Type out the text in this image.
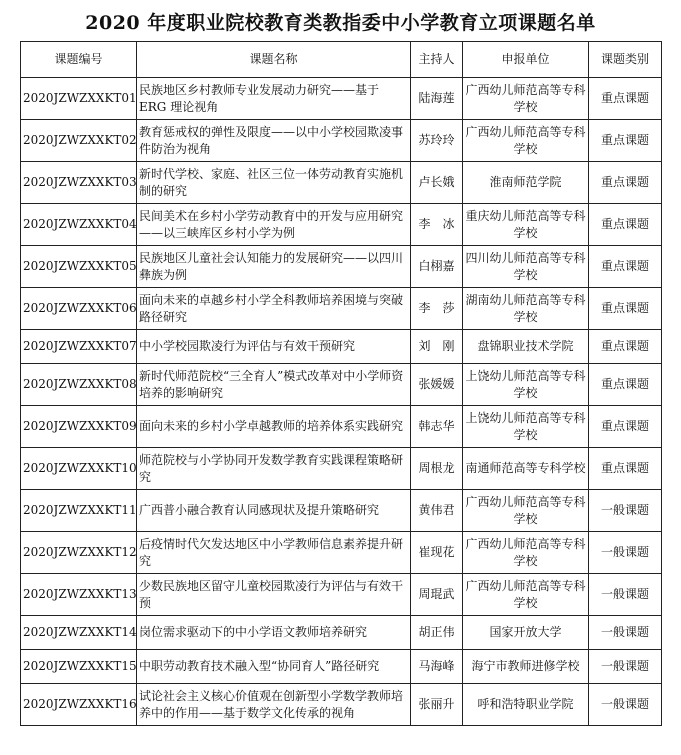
2020 年度职业院校教育类教指委中小学教育立项课题名单
课题编号	课题名称	主持人	申报单位	课题类别
2020JZWZXXKT01	民族地区乡村教师专业发展动力研究——基于 ERG 理论视角	陆海莲	广西幼儿师范高等专科学校	重点课题
2020JZWZXXKT02	教育惩戒权的弹性及限度——以中小学校园欺凌事件防治为视角	苏玲玲	广西幼儿师范高等专科学校	重点课题
2020JZWZXXKT03	新时代学校、家庭、社区三位一体劳动教育实施机制的研究	卢长娥	淮南师范学院	重点课题
2020JZWZXXKT04	民间美术在乡村小学劳动教育中的开发与应用研究——以三峡库区乡村小学为例	李　冰	重庆幼儿师范高等专科学校	重点课题
2020JZWZXXKT05	民族地区儿童社会认知能力的发展研究——以四川彝族为例	白栩嘉	四川幼儿师范高等专科学校	重点课题
2020JZWZXXKT06	面向未来的卓越乡村小学全科教师培养困境与突破路径研究	李　莎	湖南幼儿师范高等专科学校	重点课题
2020JZWZXXKT07	中小学校园欺凌行为评估与有效干预研究	刘　刚	盘锦职业技术学院	重点课题
2020JZWZXXKT08	新时代师范院校“三全育人”模式改革对中小学师资培养的影响研究	张媛媛	上饶幼儿师范高等专科学校	重点课题
2020JZWZXXKT09	面向未来的乡村小学卓越教师的培养体系实践研究	韩志华	上饶幼儿师范高等专科学校	重点课题
2020JZWZXXKT10	师范院校与小学协同开发数学教育实践课程策略研究	周根龙	南通师范高等专科学校	重点课题
2020JZWZXXKT11	广西普小融合教育认同感现状及提升策略研究	黄伟君	广西幼儿师范高等专科学校	一般课题
2020JZWZXXKT12	后疫情时代欠发达地区中小学教师信息素养提升研究	崔现花	广西幼儿师范高等专科学校	一般课题
2020JZWZXXKT13	少数民族地区留守儿童校园欺凌行为评估与有效干预	周琨武	广西幼儿师范高等专科学校	一般课题
2020JZWZXXKT14	岗位需求驱动下的中小学语文教师培养研究	胡正伟	国家开放大学	一般课题
2020JZWZXXKT15	中职劳动教育技术融入型“协同育人”路径研究	马海峰	海宁市教师进修学校	一般课题
2020JZWZXXKT16	试论社会主义核心价值观在创新型小学数学教师培养中的作用——基于数学文化传承的视角	张丽升	呼和浩特职业学院	一般课题
